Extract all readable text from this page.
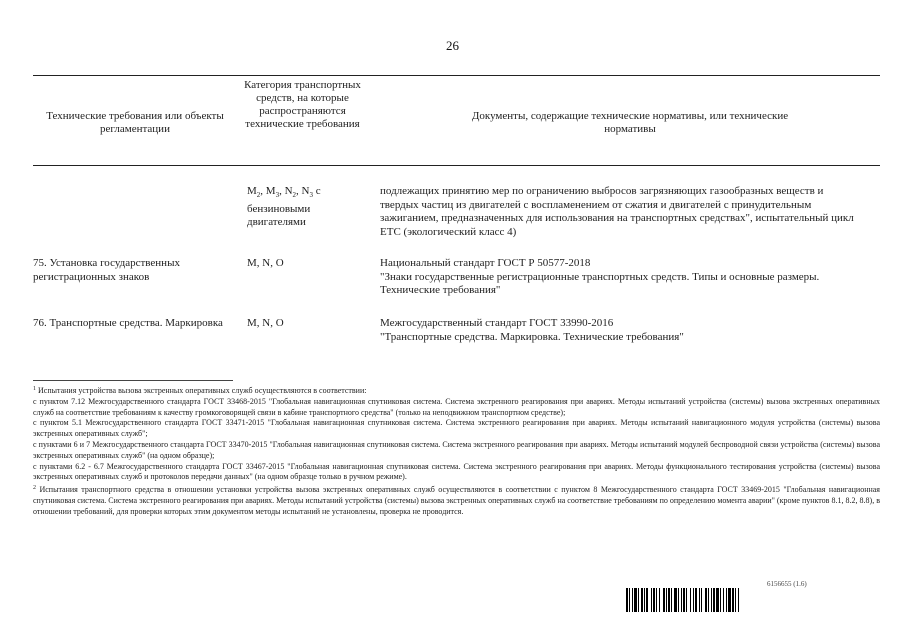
26
Технические требования или объекты регламентации
Категория транспортных средств, на которые распространяются технические требования
Документы, содержащие технические нормативы, или технические нормативы
$M_2$, $M_3$, $N_2$, $N_3$ с бензиновыми двигателями
подлежащих принятию мер по ограничению выбросов загрязняющих газообразных веществ и твердых частиц из двигателей с воспламенением от сжатия и двигателей с принудительным зажиганием, предназначенных для использования на транспортных средствах", испытательный цикл ЕТС (экологический класс 4)
75. Установка государственных регистрационных знаков
M, N, O	Национальный стандарт ГОСТ Р 50577-2018
"Знаки государственные регистрационные транспортных средств. Типы и основные размеры. Технические требования"
76. Транспортные средства. Маркировка M, N, O	Межгосударственный стандарт ГОСТ 33990-2016
"Транспортные средства. Маркировка. Технические требования"

$^1$ Испытания устройства вызова экстренных оперативных служб осуществляются в соответствии:

с пунктом 7.12 Межгосударственного стандарта ГОСТ 33468-2015 "Глобальная навигационная спутниковая система. Система экстренного реагирования при авариях. Методы испытаний устройства (системы) вызова экстренных оперативных служб на соответствие требованиям к качеству громкоговорящей связи в кабине транспортного средства" (только на неподвижном транспортном средстве);

с пунктом 5.1 Межгосударственного стандарта ГОСТ 33471-2015 "Глобальная навигационная спутниковая система. Система экстренного реагирования при авариях. Методы испытаний навигационного модуля устройства (системы) вызова экстренных оперативных служб";

с пунктами 6 и 7 Межгосударственного стандарта ГОСТ 33470-2015 "Глобальная навигационная спутниковая система. Система экстренного реагирования при авариях. Методы испытаний модулей беспроводной связи устройства (системы) вызова экстренных оперативных служб" (на одном образце);

с пунктами 6.2 - 6.7 Межгосударственного стандарта ГОСТ 33467-2015 "Глобальная навигационная спутниковая система. Система экстренного реагирования при авариях. Методы функционального тестирования устройства (системы) вызова экстренных оперативных служб и протоколов передачи данных" (на одном образце только в ручном режиме).

$^2$ Испытания транспортного средства в отношении установки устройства вызова экстренных оперативных служб осуществляются в соответствии с пунктом 8 Межгосударственного стандарта ГОСТ 33469-2015 "Глобальная навигационная спутниковая система. Система экстренного реагирования при авариях. Методы испытаний устройства (системы) вызова экстренных оперативных служб на соответствие требованиям по определению момента аварии" (кроме пунктов 8.1, 8.2, 8.8), в отношении требований, для проверки которых этим документом методы испытаний не установлены, проверка не проводится.

6156655 (1.6)
